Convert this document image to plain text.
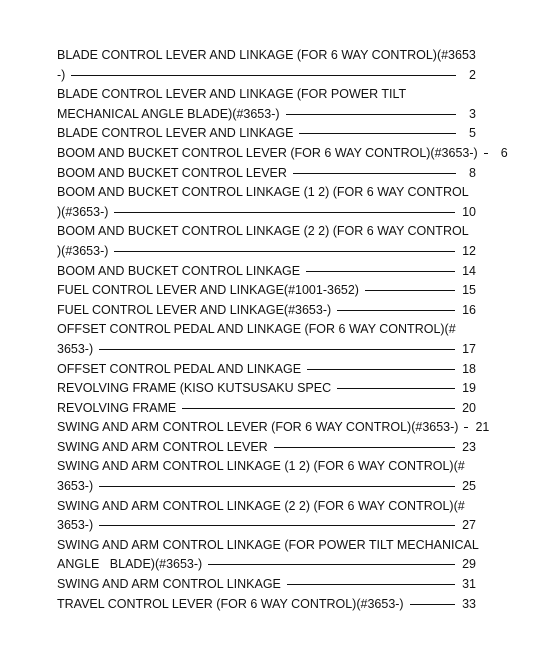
BLADE CONTROL LEVER AND LINKAGE (FOR 6 WAY CONTROL)(#3653
-)	2
BLADE CONTROL LEVER AND LINKAGE (FOR POWER TILT
MECHANICAL ANGLE BLADE)(#3653-)	3
BLADE CONTROL LEVER AND LINKAGE	5
BOOM AND BUCKET CONTROL LEVER (FOR 6 WAY CONTROL)(#3653-)	6
BOOM AND BUCKET CONTROL LEVER	8
BOOM AND BUCKET CONTROL LINKAGE (1 2) (FOR 6 WAY CONTROL
)(#3653-)	10
BOOM AND BUCKET CONTROL LINKAGE (2 2) (FOR 6 WAY CONTROL
)(#3653-)	12
BOOM AND BUCKET CONTROL LINKAGE	14
FUEL CONTROL LEVER AND LINKAGE(#1001-3652)	15
FUEL CONTROL LEVER AND LINKAGE(#3653-)	16
OFFSET CONTROL PEDAL AND LINKAGE (FOR 6 WAY CONTROL)(#
3653-)	17
OFFSET CONTROL PEDAL AND LINKAGE	18
REVOLVING FRAME (KISO KUTSUSAKU SPEC	19
REVOLVING FRAME	20
SWING AND ARM CONTROL LEVER (FOR 6 WAY CONTROL)(#3653-) 21
SWING AND ARM CONTROL LEVER	23
SWING AND ARM CONTROL LINKAGE (1 2) (FOR 6 WAY CONTROL)(#
3653-)	25
SWING AND ARM CONTROL LINKAGE (2 2) (FOR 6 WAY CONTROL)(#
3653-)	27
SWING AND ARM CONTROL LINKAGE (FOR POWER TILT MECHANICAL
ANGLE   BLADE)(#3653-)	29
SWING AND ARM CONTROL LINKAGE	31
TRAVEL CONTROL LEVER (FOR 6 WAY CONTROL)(#3653-)	33
